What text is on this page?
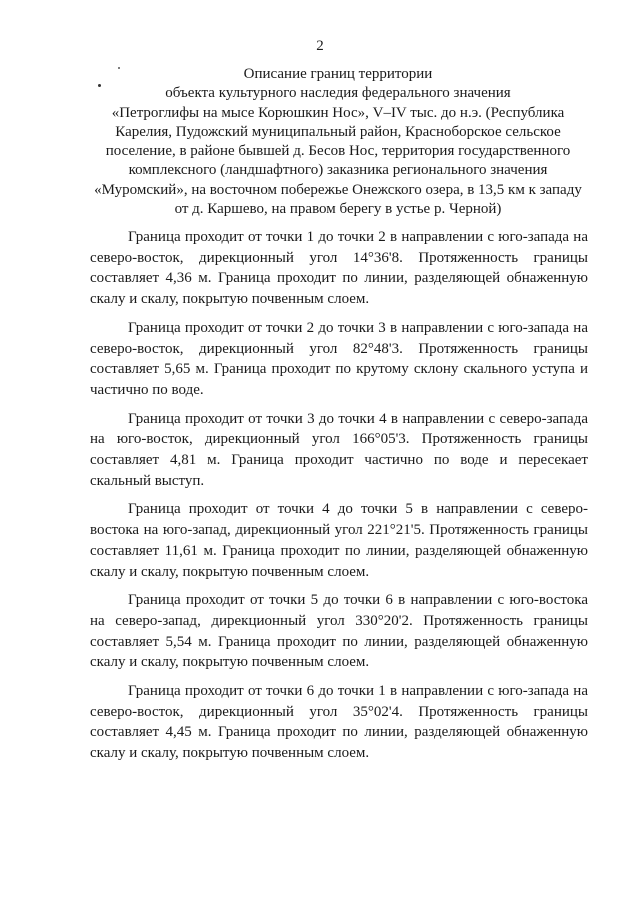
2
Описание границ территории
объекта культурного наследия федерального значения
«Петроглифы на мысе Корюшкин Нос», V–IV тыс. до н.э. (Республика
Карелия, Пудожский муниципальный район, Красноборское сельское
поселение, в районе бывшей д. Бесов Нос, территория государственного
комплексного (ландшафтного) заказника регионального значения
«Муромский», на восточном побережье Онежского озера, в 13,5 км к западу
от д. Каршево, на правом берегу в устье р. Черной)

Граница проходит от точки 1 до точки 2 в направлении с юго-запада на северо-восток, дирекционный угол 14°36'8. Протяженность границы составляет 4,36 м. Граница проходит по линии, разделяющей обнаженную скалу и скалу, покрытую почвенным слоем.

Граница проходит от точки 2 до точки 3 в направлении с юго-запада на северо-восток, дирекционный угол 82°48'3. Протяженность границы составляет 5,65 м. Граница проходит по крутому склону скального уступа и частично по воде.

Граница проходит от точки 3 до точки 4 в направлении с северо-запада на юго-восток, дирекционный угол 166°05'3. Протяженность границы составляет 4,81 м. Граница проходит частично по воде и пересекает скальный выступ.

Граница проходит от точки 4 до точки 5 в направлении с северо-востока на юго-запад, дирекционный угол 221°21'5. Протяженность границы составляет 11,61 м. Граница проходит по линии, разделяющей обнаженную скалу и скалу, покрытую почвенным слоем.

Граница проходит от точки 5 до точки 6 в направлении с юго-востока на северо-запад, дирекционный угол 330°20'2. Протяженность границы составляет 5,54 м. Граница проходит по линии, разделяющей обнаженную скалу и скалу, покрытую почвенным слоем.

Граница проходит от точки 6 до точки 1 в направлении с юго-запада на северо-восток, дирекционный угол 35°02'4. Протяженность границы составляет 4,45 м. Граница проходит по линии, разделяющей обнаженную скалу и скалу, покрытую почвенным слоем.
